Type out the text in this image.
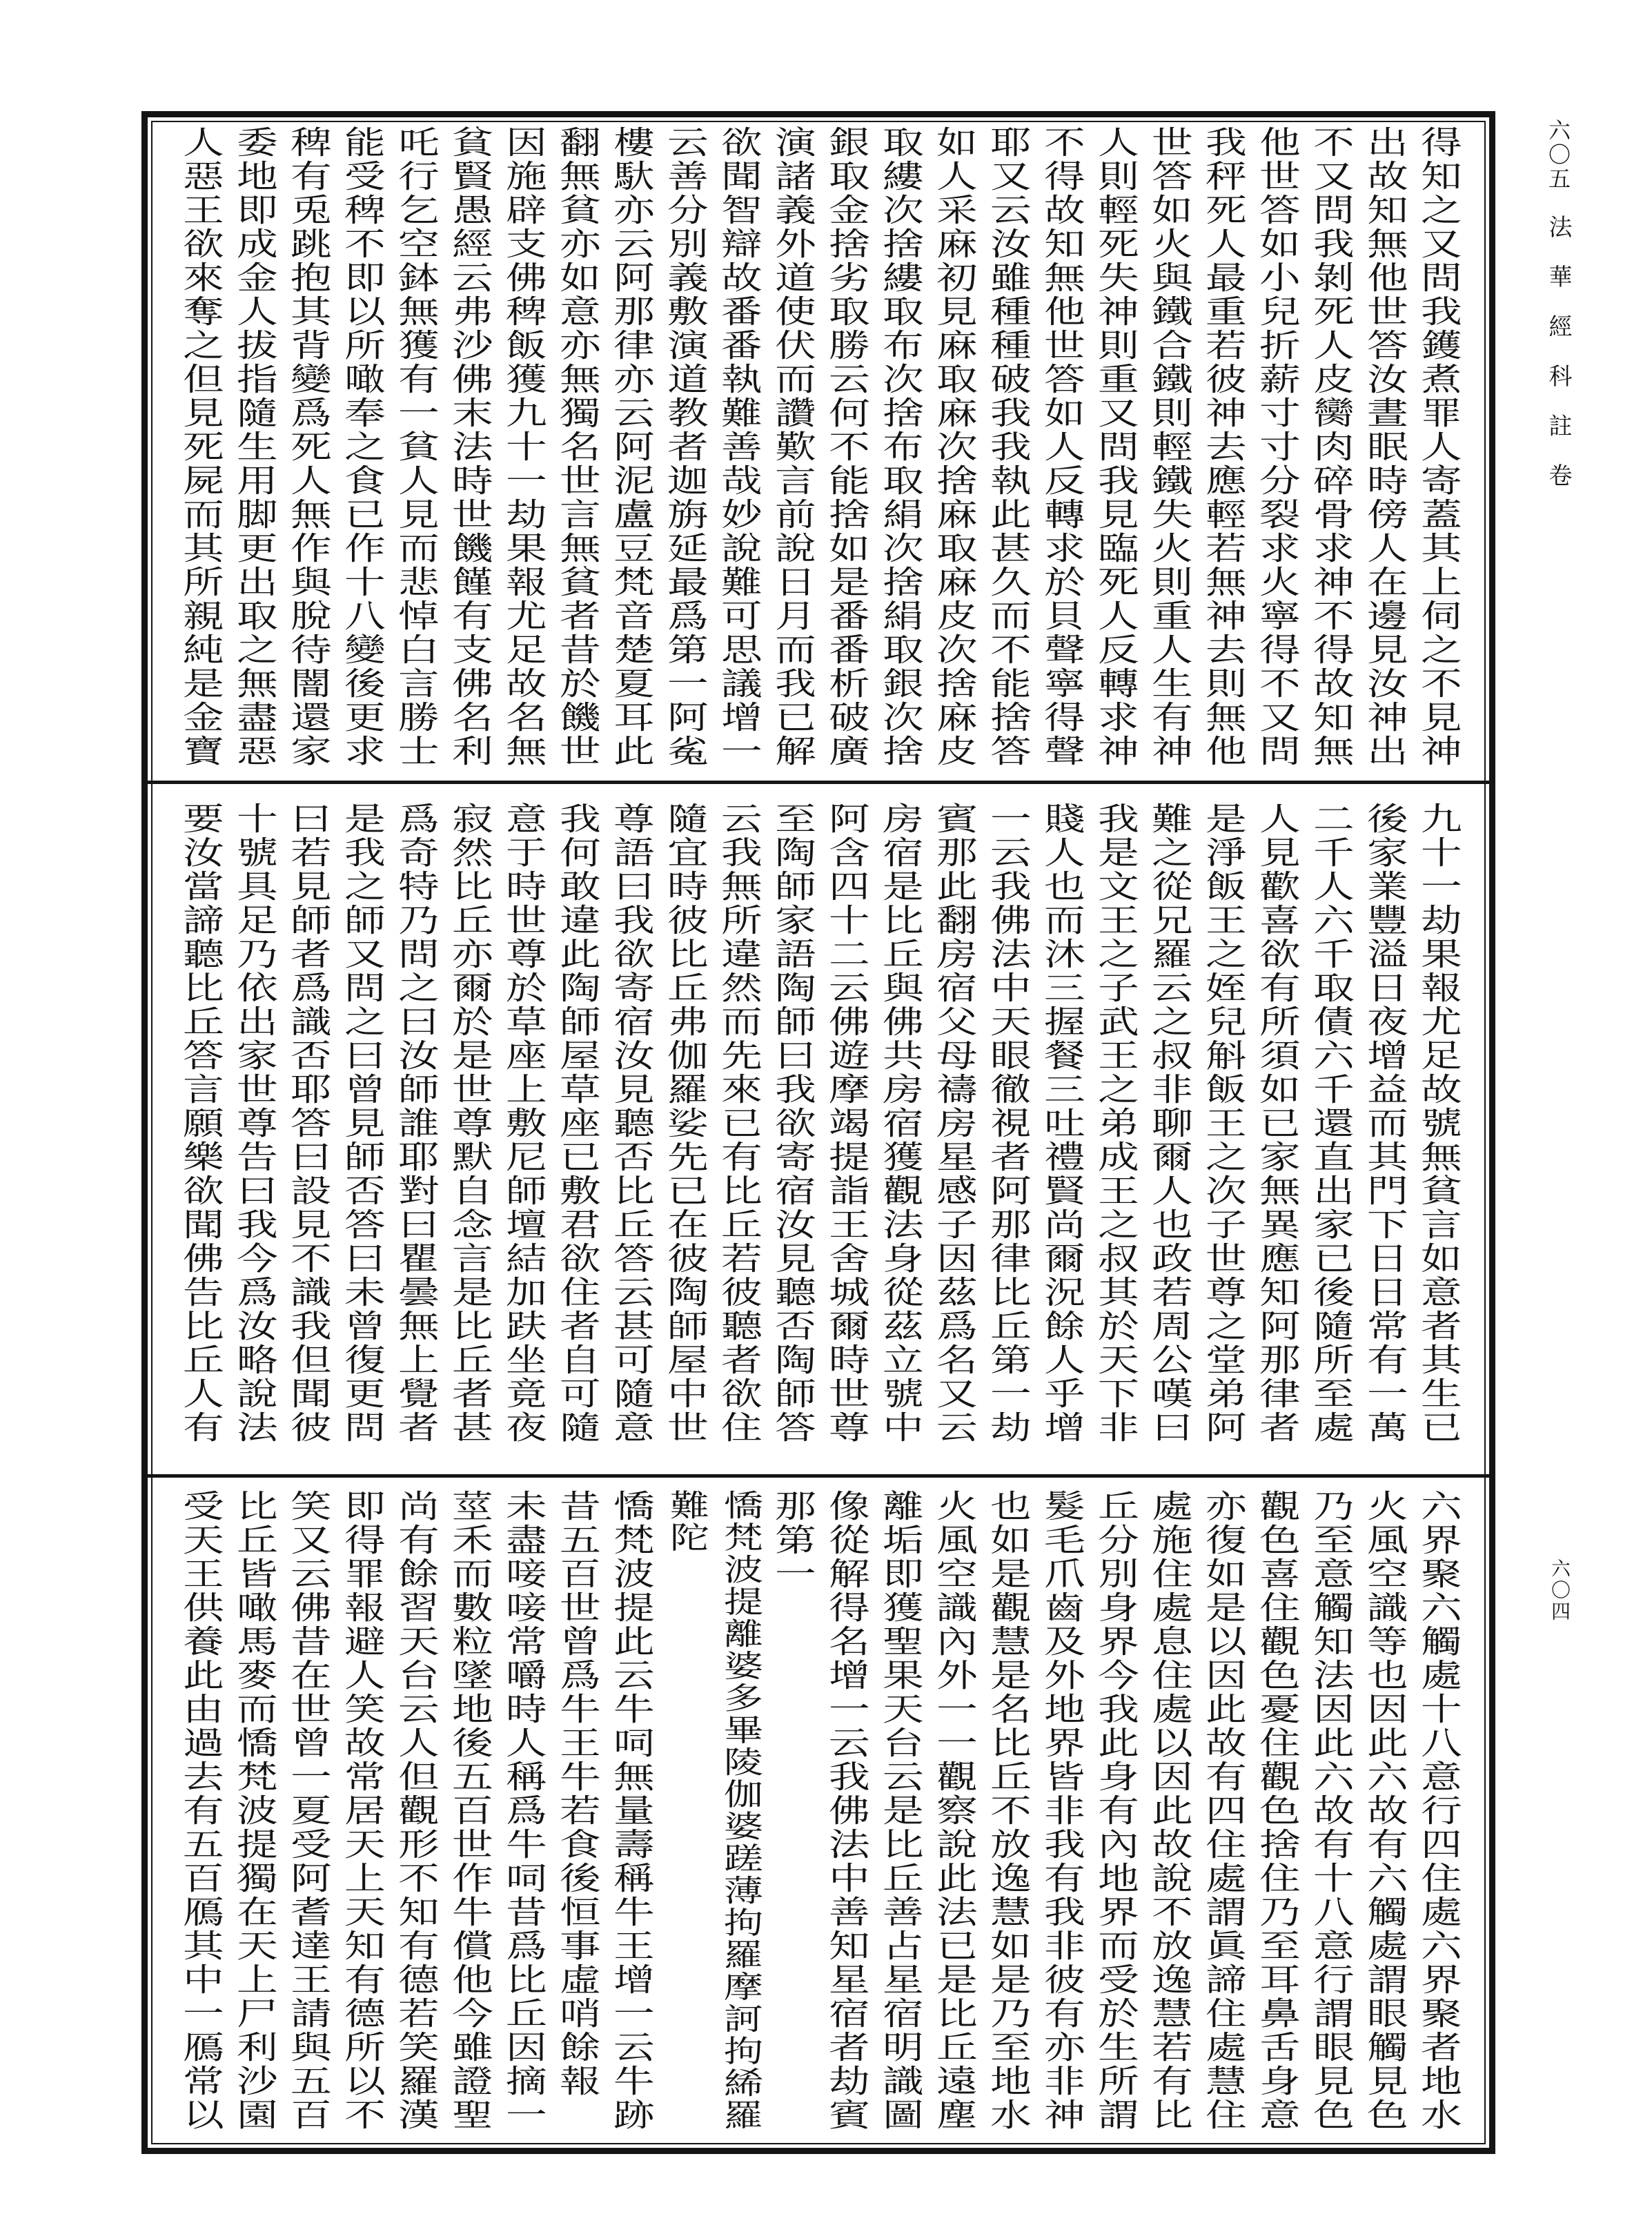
六〇五法華經科註卷
六〇四
得知之又問我鑊煮罪人寄蓋其上伺之不見神
出故知無他世答汝晝眠時傍人在邊見汝神出
不又問我剝死人皮臠肉碎骨求神不得故知無
他世答如小兒折薪寸寸分裂求火寧得不又問
我秤死人最重若彼神去應輕若無神去則無他
世答如火與鐵合鐵則輕鐵失火則重人生有神
人則輕死失神則重又問我見臨死人反轉求神
不得故知無他世答如人反轉求於貝聲寧得聲
耶又云汝雖種種破我我執此甚久而不能捨答
如人采麻初見麻取麻次捨麻取麻皮次捨麻皮
取縷次捨縷取布次捨布取絹次捨絹取銀次捨
銀取金捨劣取勝云何不能捨如是番番析破廣
演諸義外道使伏而讚歎言前說日月而我已解
欲聞智辯故番番執難善哉妙說難可思議增一
云善分別義敷演道教者迦旃延最爲第一阿㝹
樓馱亦云阿那律亦云阿泥盧豆梵音楚夏耳此
翻無貧亦如意亦無獨名世言無貧者昔於饑世
因施辟支佛稗飯獲九十一劫果報尤足故名無
貧賢愚經云弗沙佛末法時世饑饉有支佛名利
吒行乞空鉢無獲有一貧人見而悲悼白言勝士
能受稗不即以所噉奉之食已作十八變後更求
稗有兎跳抱其背變爲死人無作與脫待闇還家
委地即成金人拔指隨生用脚更出取之無盡惡
人惡王欲來奪之但見死屍而其所親純是金寶
九十一劫果報尤足故號無貧言如意者其生已
後家業豐溢日夜增益而其門下日日常有一萬
二千人六千取債六千還直出家已後隨所至處
人見歡喜欲有所須如已家無異應知阿那律者
是淨飯王之姪兒斛飯王之次子世尊之堂弟阿
難之從兄羅云之叔非聊爾人也政若周公嘆曰
我是文王之子武王之弟成王之叔其於天下非
賤人也而沐三握餐三吐禮賢尚爾況餘人乎增
一云我佛法中天眼徹視者阿那律比丘第一劫
賓那此翻房宿父母禱房星感子因茲爲名又云
房宿是比丘與佛共房宿獲觀法身從茲立號中
阿含四十二云佛遊摩竭提詣王舍城爾時世尊
至陶師家語陶師曰我欲寄宿汝見聽否陶師答
云我無所違然而先來已有比丘若彼聽者欲住
隨宜時彼比丘弗伽羅娑先已在彼陶師屋中世
尊語曰我欲寄宿汝見聽否比丘答云甚可隨意
我何敢違此陶師屋草座已敷君欲住者自可隨
意于時世尊於草座上敷尼師壇結加趺坐竟夜
寂然比丘亦爾於是世尊默自念言是比丘者甚
爲奇特乃問之曰汝師誰耶對曰瞿曇無上覺者
是我之師又問之曰曾見師否答曰未曾復更問
曰若見師者爲識否耶答曰設見不識我但聞彼
十號具足乃依出家世尊告曰我今爲汝略說法
要汝當諦聽比丘答言願樂欲聞佛告比丘人有
六界聚六觸處十八意行四住處六界聚者地水
火風空識等也因此六故有六觸處謂眼觸見色
乃至意觸知法因此六故有十八意行謂眼見色
觀色喜住觀色憂住觀色捨住乃至耳鼻舌身意
亦復如是以因此故有四住處謂眞諦住處慧住
處施住處息住處以因此故說不放逸慧若有比
丘分別身界今我此身有內地界而受於生所謂
髮毛爪齒及外地界皆非我有我非彼有亦非神
也如是觀慧是名比丘不放逸慧如是乃至地水
火風空識內外一一觀察說此法已是比丘遠塵
離垢即獲聖果天台云是比丘善占星宿明識圖
像從解得名增一云我佛法中善知星宿者劫賓
那第一
憍梵波提離婆多畢陵伽婆蹉薄拘羅摩訶拘絺羅
難陀
憍梵波提此云牛呞無量壽稱牛王增一云牛跡
昔五百世曾爲牛王牛若食後恒事虛哨餘報
未盡唼唼常嚼時人稱爲牛呞昔爲比丘因摘一
莖禾而數粒墜地後五百世作牛償他今雖證聖
尚有餘習天台云人但觀形不知有德若笑羅漢
即得罪報避人笑故常居天上天知有德所以不
笑又云佛昔在世曾一夏受阿耆達王請與五百
比丘皆噉馬麥而憍梵波提獨在天上尸利沙園
受天王供養此由過去有五百鴈其中一鴈常以
